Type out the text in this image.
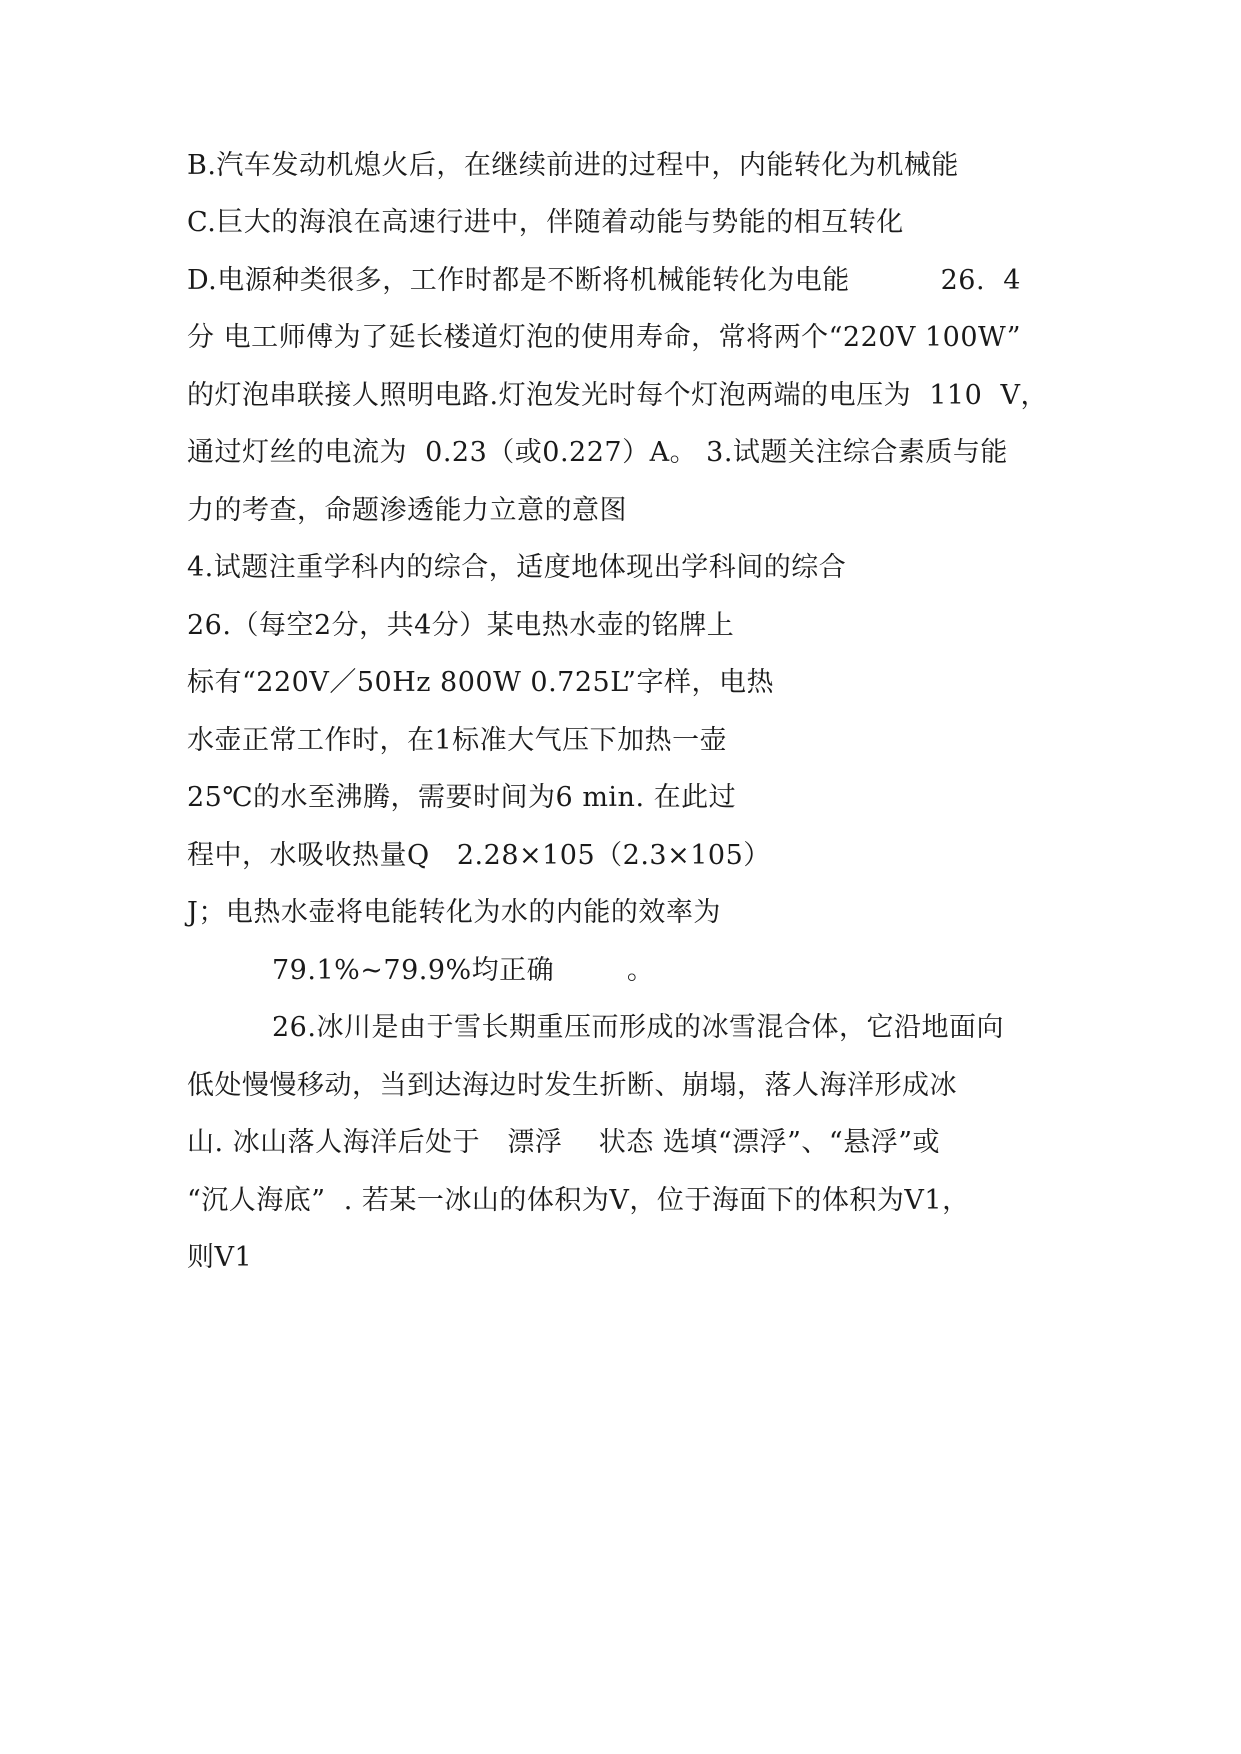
B.汽车发动机熄火后，在继续前进的过程中，内能转化为机械能
C.巨大的海浪在高速行进中，伴随着动能与势能的相互转化
D.电源种类很多，工作时都是不断将机械能转化为电能          26.  4
分 电工师傅为了延长楼道灯泡的使用寿命，常将两个“220V 100W”
的灯泡串联接人照明电路.灯泡发光时每个灯泡两端的电压为  110  V，
通过灯丝的电流为  0.23（或0.227）A。 3.试题关注综合素质与能
力的考查，命题渗透能力立意的意图
4.试题注重学科内的综合，适度地体现出学科间的综合
26.（每空2分，共4分）某电热水壶的铭牌上
标有“220V／50Hz 800W 0.725L”字样，电热
水壶正常工作时，在1标准大气压下加热一壶
25℃的水至沸腾，需要时间为6 min. 在此过
程中，水吸收热量Q   2.28×105（2.3×105）
J；电热水壶将电能转化为水的内能的效率为
79.1%~79.9%均正确        。
26.冰川是由于雪长期重压而形成的冰雪混合体，它沿地面向
低处慢慢移动，当到达海边时发生折断、崩塌，落人海洋形成冰
山. 冰山落人海洋后处于   漂浮    状态 选填“漂浮”、“悬浮”或
“沉人海底”  . 若某一冰山的体积为V，位于海面下的体积为V1，
则V1
